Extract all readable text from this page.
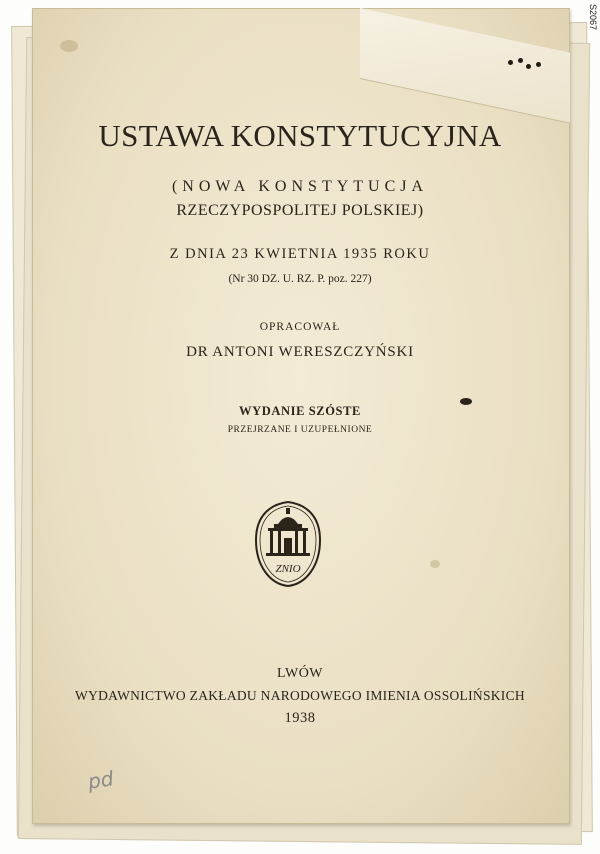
S2067
USTAWA KONSTYTUCYJNA
(NOWA KONSTYTUCJA
RZECZYPOSPOLITEJ POLSKIEJ)
Z DNIA 23 KWIETNIA 1935 ROKU
(Nr 30 DZ. U. RZ. P. poz. 227)
OPRACOWAŁ
DR ANTONI WERESZCZYŃSKI
WYDANIE SZÓSTE
PRZEJRZANE I UZUPEŁNIONE
ZNIO
LWÓW
WYDAWNICTWO ZAKŁADU NARODOWEGO IMIENIA OSSOLIŃSKICH
1938
pd
